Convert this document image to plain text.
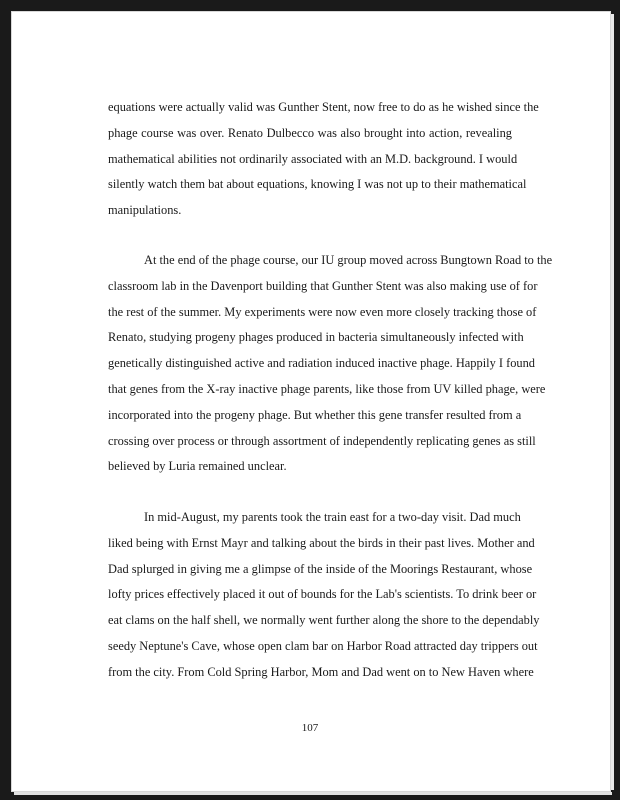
equations were actually valid was Gunther Stent, now free to do as he wished since the
phage course was over. Renato Dulbecco was also brought into action, revealing
mathematical abilities not ordinarily associated with an M.D. background. I would
silently watch them bat about equations, knowing I was not up to their mathematical
manipulations.
At the end of the phage course, our IU group moved across Bungtown Road to the
classroom lab in the Davenport building that Gunther Stent was also making use of for
the rest of the summer. My experiments were now even more closely tracking those of
Renato, studying progeny phages produced in bacteria simultaneously infected with
genetically distinguished active and radiation induced inactive phage. Happily I found
that genes from the X-ray inactive phage parents, like those from UV killed phage, were
incorporated into the progeny phage. But whether this gene transfer resulted from a
crossing over process or through assortment of independently replicating genes as still
believed by Luria remained unclear.
In mid-August, my parents took the train east for a two-day visit. Dad much
liked being with Ernst Mayr and talking about the birds in their past lives. Mother and
Dad splurged in giving me a glimpse of the inside of the Moorings Restaurant, whose
lofty prices effectively placed it out of bounds for the Lab's scientists. To drink beer or
eat clams on the half shell, we normally went further along the shore to the dependably
seedy Neptune's Cave, whose open clam bar on Harbor Road attracted day trippers out
from the city. From Cold Spring Harbor, Mom and Dad went on to New Haven where
107
